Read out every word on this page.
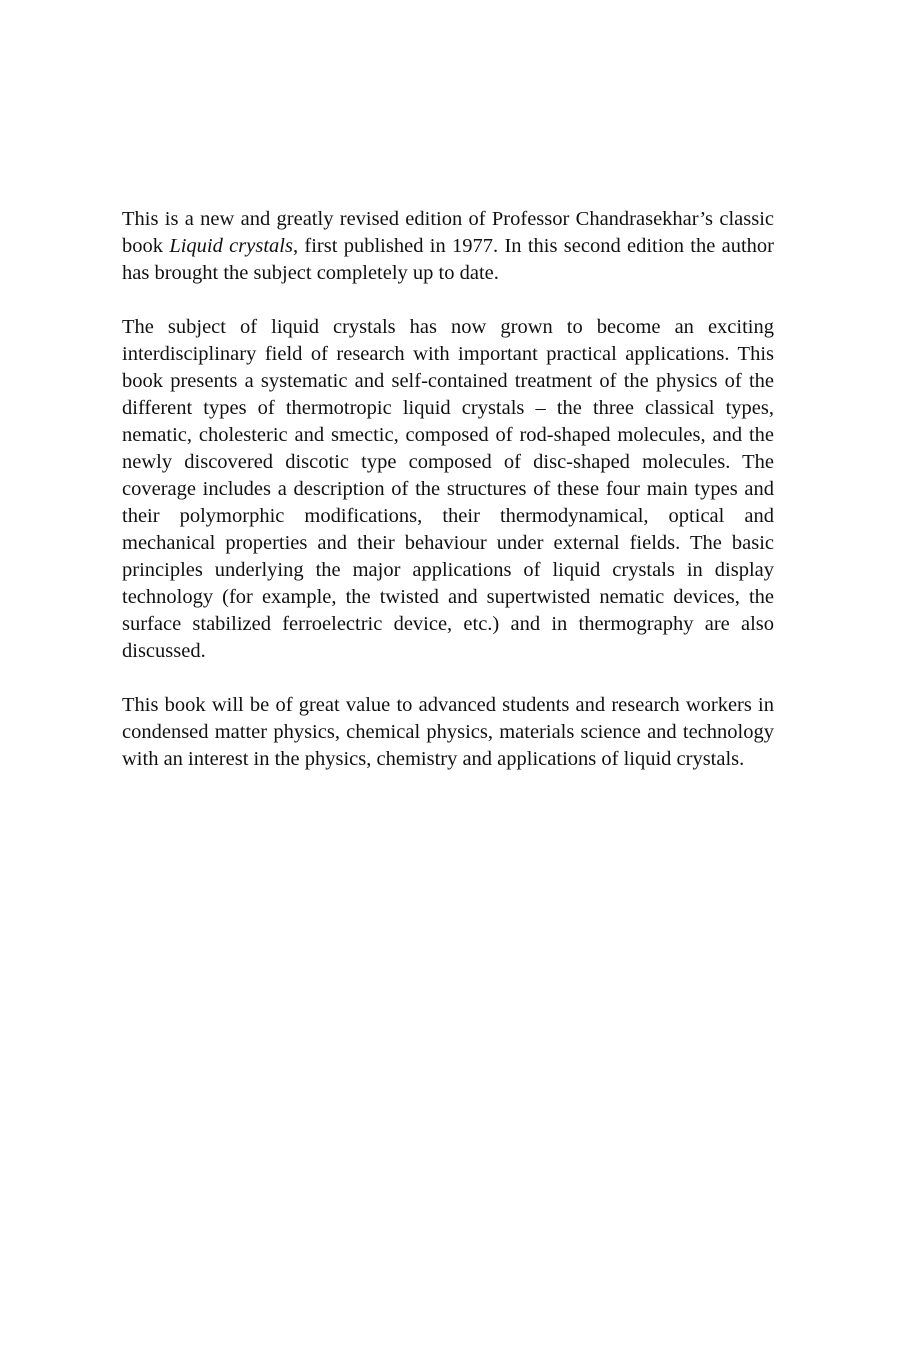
This is a new and greatly revised edition of Professor Chandrasekhar’s classic book Liquid crystals, first published in 1977. In this second edition the author has brought the subject completely up to date.

The subject of liquid crystals has now grown to become an exciting interdisciplinary field of research with important practical applications. This book presents a systematic and self-contained treatment of the physics of the different types of thermotropic liquid crystals – the three classical types, nematic, cholesteric and smectic, composed of rod-shaped molecules, and the newly discovered discotic type composed of disc-shaped molecules. The coverage includes a description of the structures of these four main types and their polymorphic modifications, their thermodynamical, optical and mechanical properties and their behaviour under external fields. The basic principles underlying the major applications of liquid crystals in display technology (for example, the twisted and supertwisted nematic devices, the surface stabilized ferroelectric device, etc.) and in thermography are also discussed.

This book will be of great value to advanced students and research workers in condensed matter physics, chemical physics, materials science and technology with an interest in the physics, chemistry and applications of liquid crystals.
